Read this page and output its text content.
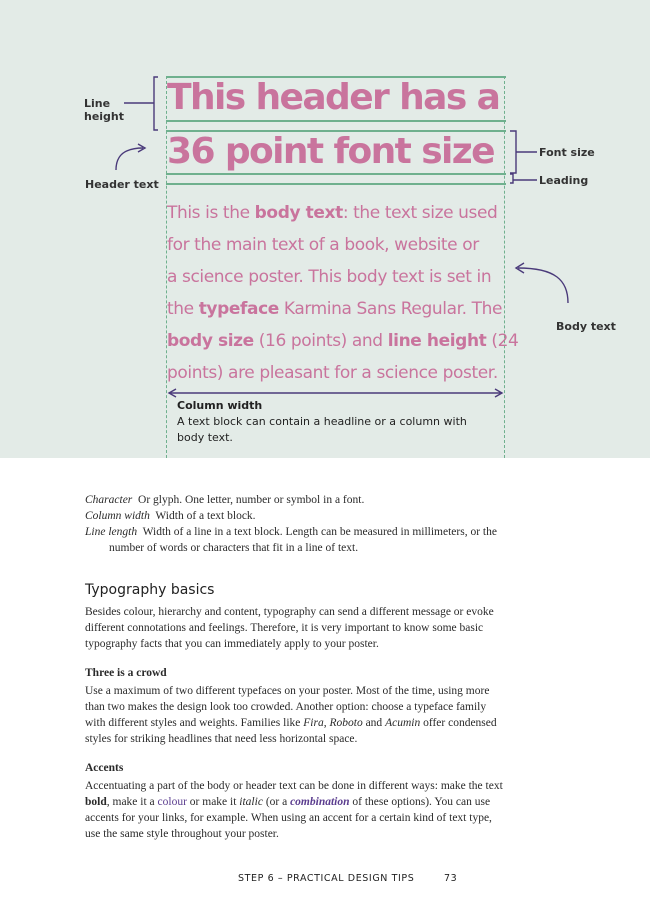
This header has a
36 point font size
This is the body text: the text size used
for the main text of a book, website or
a science poster. This body text is set in
the typeface Karmina Sans Regular. The
body size (16 points) and line height (24
points) are pleasant for a science poster.
Line height
Header text
Font size
Leading
Body text
Column width
A text block can contain a headline or a column with body text.

Character Or glyph. One letter, number or symbol in a font.

Column width Width of a text block.

Line length Width of a line in a text block. Length can be measured in millimeters, or the number of words or characters that fit in a line of text.

Typography basics

Besides colour, hierarchy and content, typography can send a different message or evoke different connotations and feelings. Therefore, it is very important to know some basic typography facts that you can immediately apply to your poster.

Three is a crowd

Use a maximum of two different typefaces on your poster. Most of the time, using more than two makes the design look too crowded. Another option: choose a typeface family with different styles and weights. Families like Fira, Roboto and Acumin offer condensed styles for striking headlines that need less horizontal space.

Accents

Accentuating a part of the body or header text can be done in different ways: make the text bold, make it a colour or make it italic (or a combination of these options). You can use accents for your links, for example. When using an accent for a certain kind of text type, use the same style throughout your poster.

STEP 6 – PRACTICAL DESIGN TIPS	73
